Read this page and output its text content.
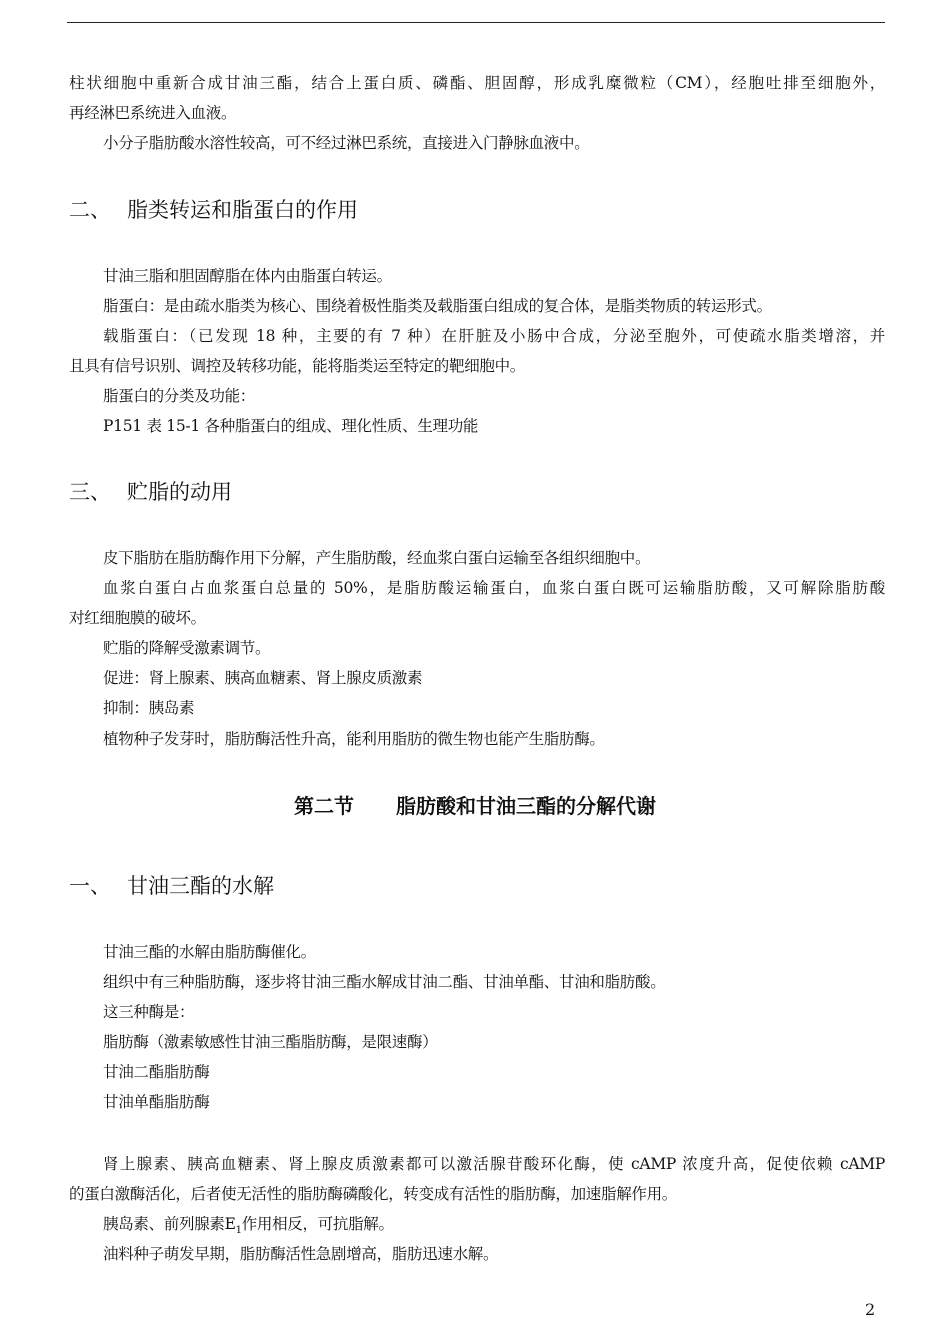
柱状细胞中重新合成甘油三酯，结合上蛋白质、磷酯、胆固醇，形成乳糜微粒（CM），经胞吐排至细胞外，
再经淋巴系统进入血液。
小分子脂肪酸水溶性较高，可不经过淋巴系统，直接进入门静脉血液中。
二、 脂类转运和脂蛋白的作用
甘油三脂和胆固醇脂在体内由脂蛋白转运。
脂蛋白：是由疏水脂类为核心、围绕着极性脂类及载脂蛋白组成的复合体，是脂类物质的转运形式。
载脂蛋白：（已发现 18 种，主要的有 7 种）在肝脏及小肠中合成，分泌至胞外，可使疏水脂类增溶，并
且具有信号识别、调控及转移功能，能将脂类运至特定的靶细胞中。
脂蛋白的分类及功能：
P151 表 15-1 各种脂蛋白的组成、理化性质、生理功能
三、 贮脂的动用
皮下脂肪在脂肪酶作用下分解，产生脂肪酸，经血浆白蛋白运输至各组织细胞中。
血浆白蛋白占血浆蛋白总量的 50%，是脂肪酸运输蛋白，血浆白蛋白既可运输脂肪酸，又可解除脂肪酸
对红细胞膜的破坏。
贮脂的降解受激素调节。
促进：肾上腺素、胰高血糖素、肾上腺皮质激素
抑制：胰岛素
植物种子发芽时，脂肪酶活性升高，能利用脂肪的微生物也能产生脂肪酶。
第二节 脂肪酸和甘油三酯的分解代谢
一、 甘油三酯的水解
甘油三酯的水解由脂肪酶催化。
组织中有三种脂肪酶，逐步将甘油三酯水解成甘油二酯、甘油单酯、甘油和脂肪酸。
这三种酶是：
脂肪酶（激素敏感性甘油三酯脂肪酶，是限速酶）
甘油二酯脂肪酶
甘油单酯脂肪酶
肾上腺素、胰高血糖素、肾上腺皮质激素都可以激活腺苷酸环化酶，使 cAMP 浓度升高，促使依赖 cAMP
的蛋白激酶活化，后者使无活性的脂肪酶磷酸化，转变成有活性的脂肪酶，加速脂解作用。
胰岛素、前列腺素$E_1$作用相反，可抗脂解。
油料种子萌发早期，脂肪酶活性急剧增高，脂肪迅速水解。
2
